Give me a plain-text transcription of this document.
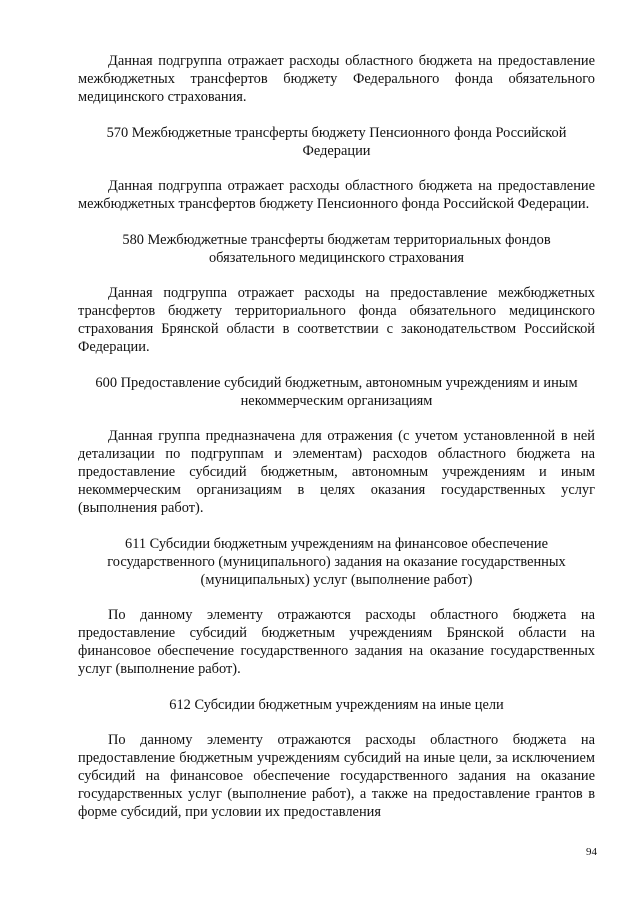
Данная подгруппа отражает расходы областного бюджета на предоставление межбюджетных трансфертов бюджету Федерального фонда обязательного медицинского страхования.

570 Межбюджетные трансферты бюджету Пенсионного фонда Российской Федерации

Данная подгруппа отражает расходы областного бюджета на предоставление межбюджетных трансфертов бюджету Пенсионного фонда Российской Федерации.

580 Межбюджетные трансферты бюджетам территориальных фондов обязательного медицинского страхования

Данная подгруппа отражает расходы на предоставление межбюджетных трансфертов бюджету территориального фонда обязательного медицинского страхования Брянской области в соответствии с законодательством Российской Федерации.

600 Предоставление субсидий бюджетным, автономным учреждениям и иным некоммерческим организациям

Данная группа предназначена для отражения (с учетом установленной в ней детализации по подгруппам и элементам) расходов областного бюджета на предоставление субсидий бюджетным, автономным учреждениям и иным некоммерческим организациям в целях оказания государственных услуг (выполнения работ).

611 Субсидии бюджетным учреждениям на финансовое обеспечение государственного (муниципального) задания на оказание государственных (муниципальных) услуг (выполнение работ)

По данному элементу отражаются расходы областного бюджета на предоставление субсидий бюджетным учреждениям Брянской области на финансовое обеспечение государственного задания на оказание государственных услуг (выполнение работ).

612 Субсидии бюджетным учреждениям на иные цели

По данному элементу отражаются расходы областного бюджета на предоставление бюджетным учреждениям субсидий на иные цели, за исключением субсидий на финансовое обеспечение государственного задания на оказание государственных услуг (выполнение работ), а также на предоставление грантов в форме субсидий, при условии их предоставления

94
